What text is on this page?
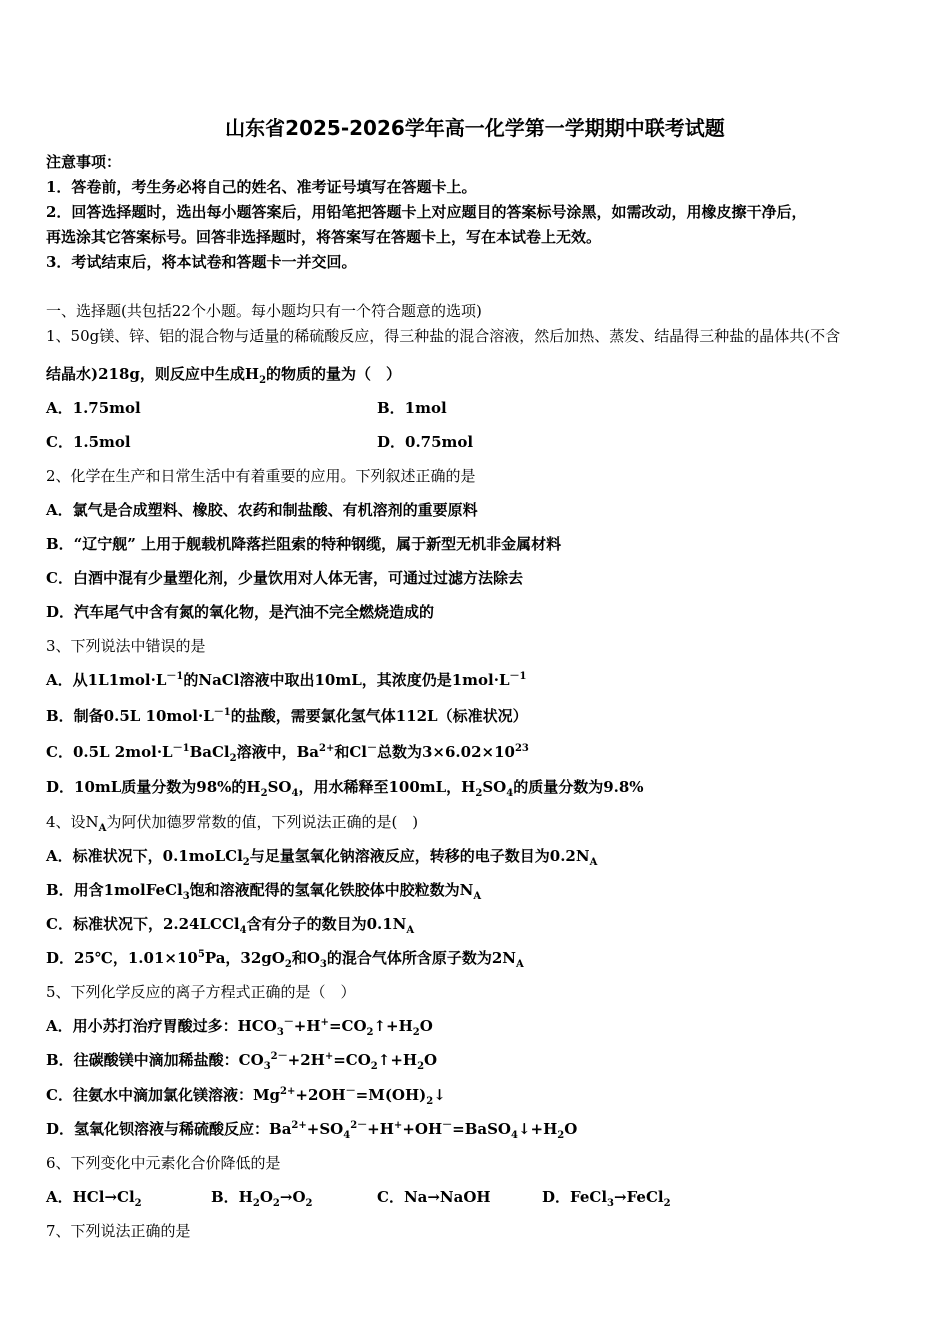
山东省2025-2026学年高一化学第一学期期中联考试题
注意事项：
1．答卷前，考生务必将自己的姓名、准考证号填写在答题卡上。
2．回答选择题时，选出每小题答案后，用铅笔把答题卡上对应题目的答案标号涂黑，如需改动，用橡皮擦干净后，
再选涂其它答案标号。回答非选择题时，将答案写在答题卡上，写在本试卷上无效。
3．考试结束后，将本试卷和答题卡一并交回。
一、选择题(共包括22个小题。每小题均只有一个符合题意的选项)
1、50g镁、锌、铝的混合物与适量的稀硫酸反应，得三种盐的混合溶液，然后加热、蒸发、结晶得三种盐的晶体共(不含
结晶水)218g，则反应中生成$H_2$的物质的量为（　）
A．1.75mol	B．1mol
C．1.5mol	D．0.75mol
2、化学在生产和日常生活中有着重要的应用。下列叙述正确的是
A．氯气是合成塑料、橡胶、农药和制盐酸、有机溶剂的重要原料
B．“辽宁舰” 上用于舰载机降落拦阻索的特种钢缆，属于新型无机非金属材料
C．白酒中混有少量塑化剂，少量饮用对人体无害，可通过过滤方法除去
D．汽车尾气中含有氮的氧化物，是汽油不完全燃烧造成的
3、下列说法中错误的是
A．从$1L1mol\cdot L^{-1}$的NaCl溶液中取出10mL，其浓度仍是$1mol\cdot L^{-1}$
B．制备0.5L $10mol\cdot L^{-1}$的盐酸，需要氯化氢气体112L（标准状况）
C．0.5L $2mol\cdot L^{-1}BaCl_2$溶液中，$Ba^{2+}$和Cl－总数为$3\times 6.02\times 10^{23}$
D．10mL质量分数为98%的$H_2SO_4$，用水稀释至100mL，$H_2SO_4$的质量分数为9.8%
4、设$N_A$为阿伏加德罗常数的值，下列说法正确的是(　)
A．标准状况下，0.1moLCl$_2$与足量氢氧化钠溶液反应，转移的电子数目为$0.2N_A$
B．用含1molFeCl$_3$饱和溶液配得的氢氧化铁胶体中胶粒数为$N_A$
C．标准状况下，2.24LCCl$_4$含有分子的数目为$0.1N_A$
D．25℃，$1.01\times 10^5Pa$，$32gO_2$和$O_3$的混合气体所含原子数为$2N_A$
5、下列化学反应的离子方程式正确的是（　）
A．用小苏打治疗胃酸过多：$HCO_3^-+H^+=CO_2↑+H_2O$
B．往碳酸镁中滴加稀盐酸：$CO_3^{2-}+2H^+=CO_2↑+H_2O$
C．往氨水中滴加氯化镁溶液：$Mg^{2+}+2OH^-=M(OH)_2↓$
D．氢氧化钡溶液与稀硫酸反应：$Ba^{2+}+SO_4^{2-}+H^++OH^-=BaSO_4↓+H_2O$
6、下列变化中元素化合价降低的是
A．$HCl\to Cl_2$	B．$H_2O_2\to O_2$	C．Na→NaOH	D．FeCl$_3$→FeCl$_2$
7、下列说法正确的是
